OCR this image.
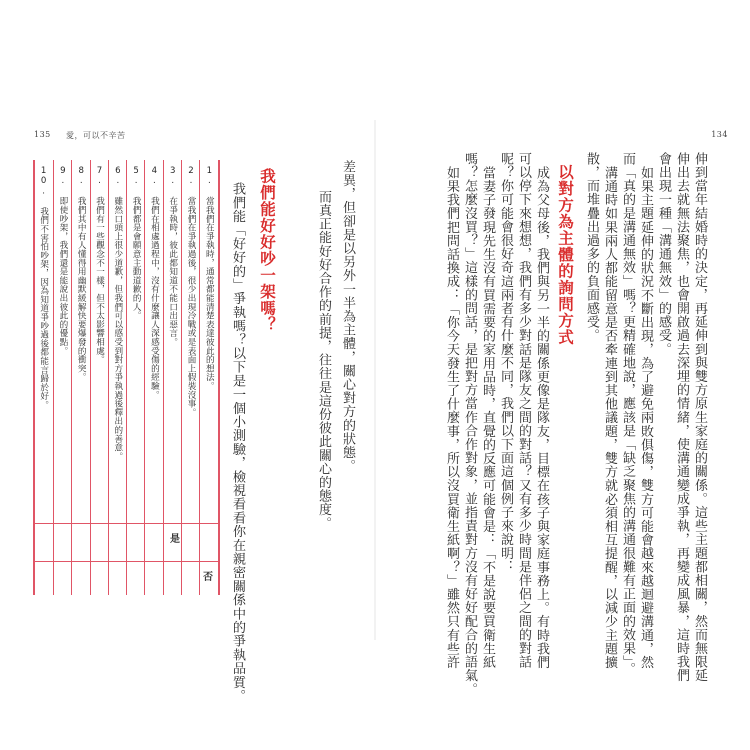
135 愛，可以不辛苦
差異，但卻是以另外一半為主體，關心對方的狀態。
而真正能好好合作的前提，往往是這份彼此關心的態度。
我們能好好吵一架嗎？
我們能「好好的」爭執嗎？以下是一個小測驗，檢視看看你在親密關係中的爭執品質。
1. 當我們在爭執時，通常都能清楚表達彼此的想法。
2. 當我們在爭執過後，很少出現冷戰或是表面上假裝沒事。
3. 在爭執時，彼此都知道不能口出惡言。
4. 我們在相處過程中，沒有什麼讓人深感受傷的經驗。
5. 我們都是會願意主動道歉的人。
6. 雖然口頭上很少道歉，但我們可以感受到對方爭執過後釋出的善意。
7. 我們有一些觀念不一樣，但不太影響相處。
8. 我們其中有人懂得用幽默緩解快要爆發的衝突。
9. 即使吵架，我們還是能說出彼此的優點。
10. 我們不害怕吵架，因為知道爭吵過後都能言歸於好。
是
否
134
伸到當年結婚時的決定，再延伸到與雙方原生家庭的關係。這些主題都相關，然而無限延
伸出去就無法聚焦，也會開啟過去深埋的情緒，使溝通變成爭執，再變成風暴，這時我們
會出現一種「溝通無效」的感受。
如果主題延伸的狀況不斷出現，為了避免兩敗俱傷，雙方可能會越來越迴避溝通，然
而「真的是溝通無效」嗎？更精確地說，應該是「缺乏聚焦的溝通很難有正面的效果」。
溝通時如果兩人都能留意是否牽連到其他議題，雙方就必須相互提醒，以減少主題擴
散，而堆疊出過多的負面感受。
以對方為主體的詢問方式
成為父母後，我們與另一半的關係更像是隊友，目標在孩子與家庭事務上。有時我們
可以停下來想想，我們有多少對話是隊友之間的對話？又有多少時間是伴侶之間的對話
呢？你可能會很好奇這兩者有什麼不同，我們以下面這個例子來說明：
當妻子發現先生沒有買需要的家用品時，直覺的反應可能會是：「不是說要買衛生紙
嗎？怎麼沒買？」這樣的問話，是把對方當作合作對象，並指責對方沒有好好配合的語氣。
如果我們把問話換成：「你今天發生了什麼事，所以沒買衛生紙啊？」雖然只有些許
